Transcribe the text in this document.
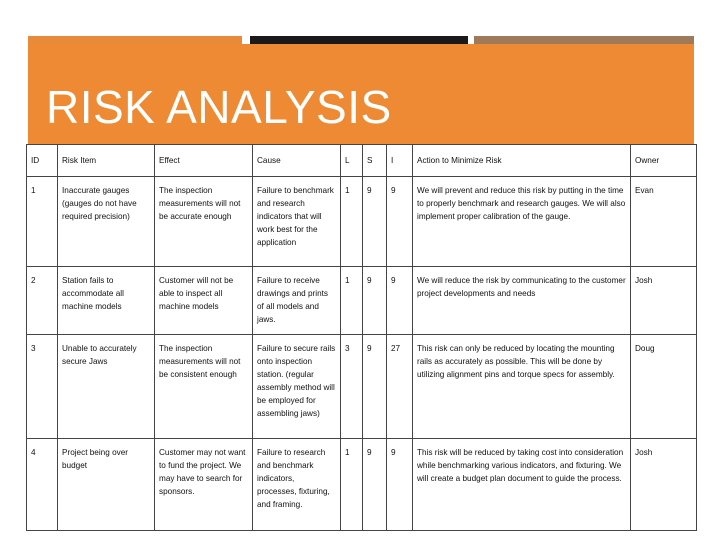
RISK ANALYSIS
ID	Risk Item	Effect	Cause	L	S	I	Action to Minimize Risk	Owner
1	Inaccurate gauges (gauges do not have required precision)	The inspection measurements will not be accurate enough	Failure to benchmark and research indicators that will work best for the application	1	9	9	We will prevent and reduce this risk by putting in the time to properly benchmark and research gauges. We will also implement proper calibration of the gauge.	Evan
2	Station fails to accommodate all machine models	Customer will not be able to inspect all machine models	Failure to receive drawings and prints of all models and jaws.	1	9	9	We will reduce the risk by communicating to the customer project developments and needs	Josh
3	Unable to accurately secure Jaws	The inspection measurements will not be consistent enough	Failure to secure rails onto inspection station. (regular assembly method will be employed for assembling jaws)	3	9	27	This risk can only be reduced by locating the mounting rails as accurately as possible. This will be done by utilizing alignment pins and torque specs for assembly.	Doug
4	Project being over budget	Customer may not want to fund the project. We may have to search for sponsors.	Failure to research and benchmark indicators, processes, fixturing, and framing.	1	9	9	This risk will be reduced by taking cost into consideration while benchmarking various indicators, and fixturing. We will create a budget plan document to guide the process.	Josh
